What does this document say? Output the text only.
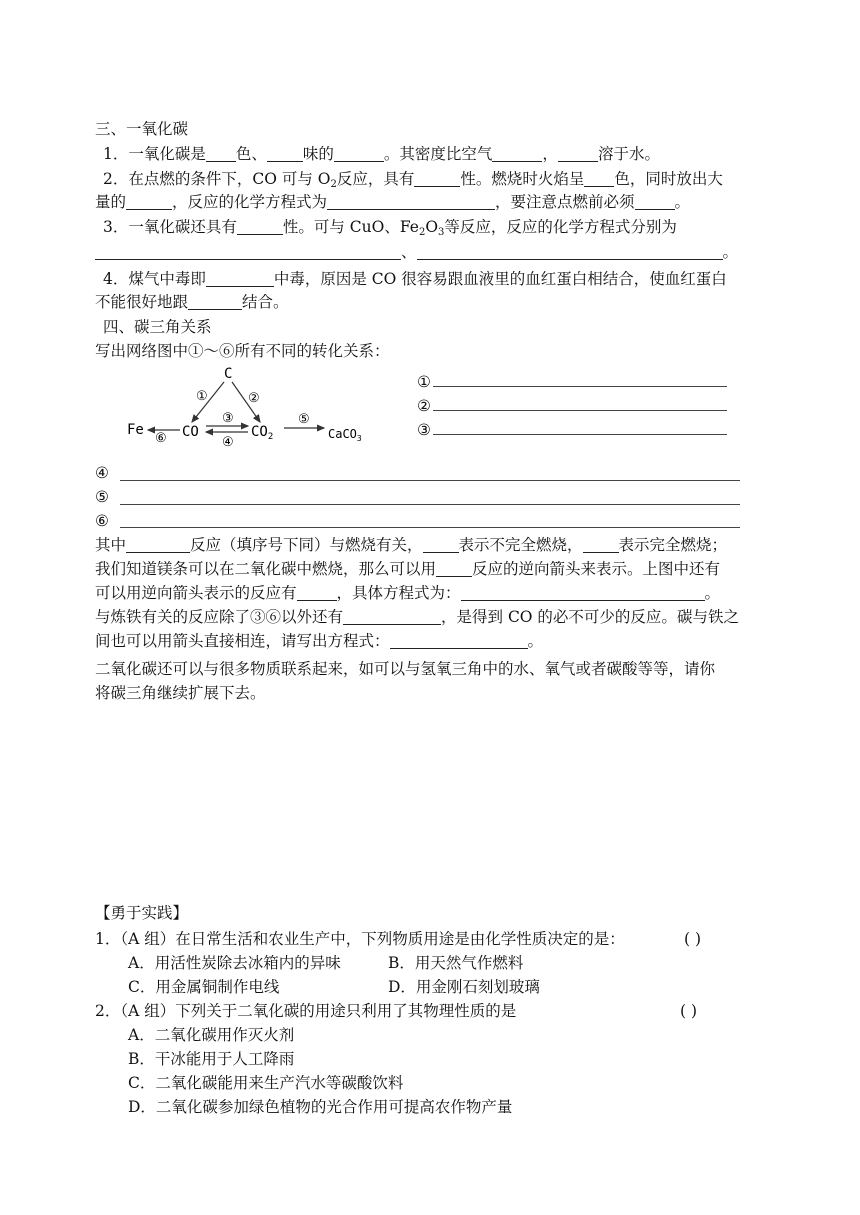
三、一氧化碳
1．一氧化碳是 色、 味的	。其密度比空气	，	溶于水。
2．在点燃的条件下，CO 可与 $O_2$反应，具有	性。燃烧时火焰呈 色，同时放出大
量的	，反应的化学方程式为	，要注意点燃前必须	。
3．一氧化碳还具有	性。可与 CuO、$Fe_2O_3$等反应，反应的化学方程式分别为
、	。
4．煤气中毒即	中毒，原因是 CO 很容易跟血液里的血红蛋白相结合，使血红蛋白
不能很好地跟	结合。
四、碳三角关系
写出网络图中①～⑥所有不同的转化关系：
C
Fe	CO	$CO_2$	CaCO$_3$
①	②
③
④
⑤
⑥
①
②
③
④
⑤
⑥
其中	反应（填序号下同）与燃烧有关， 表示不完全燃烧， 表示完全燃烧；
我们知道镁条可以在二氧化碳中燃烧，那么可以用 反应的逆向箭头来表示。上图中还有
可以用逆向箭头表示的反应有	，具体方程式为：	。
与炼铁有关的反应除了③⑥以外还有	，是得到 CO 的必不可少的反应。碳与铁之
间也可以用箭头直接相连，请写出方程式：	。
二氧化碳还可以与很多物质联系起来，如可以与氢氧三角中的水、氧气或者碳酸等等，请你
将碳三角继续扩展下去。
【勇于实践】
1．（A 组）在日常生活和农业生产中，下列物质用途是由化学性质决定的是：	( )
A．用活性炭除去冰箱内的异味	B．用天然气作燃料
C．用金属铜制作电线	D．用金刚石刻划玻璃
2．（A 组）下列关于二氧化碳的用途只利用了其物理性质的是	( )
A．二氧化碳用作灭火剂
B．干冰能用于人工降雨
C．二氧化碳能用来生产汽水等碳酸饮料
D．二氧化碳参加绿色植物的光合作用可提高农作物产量
